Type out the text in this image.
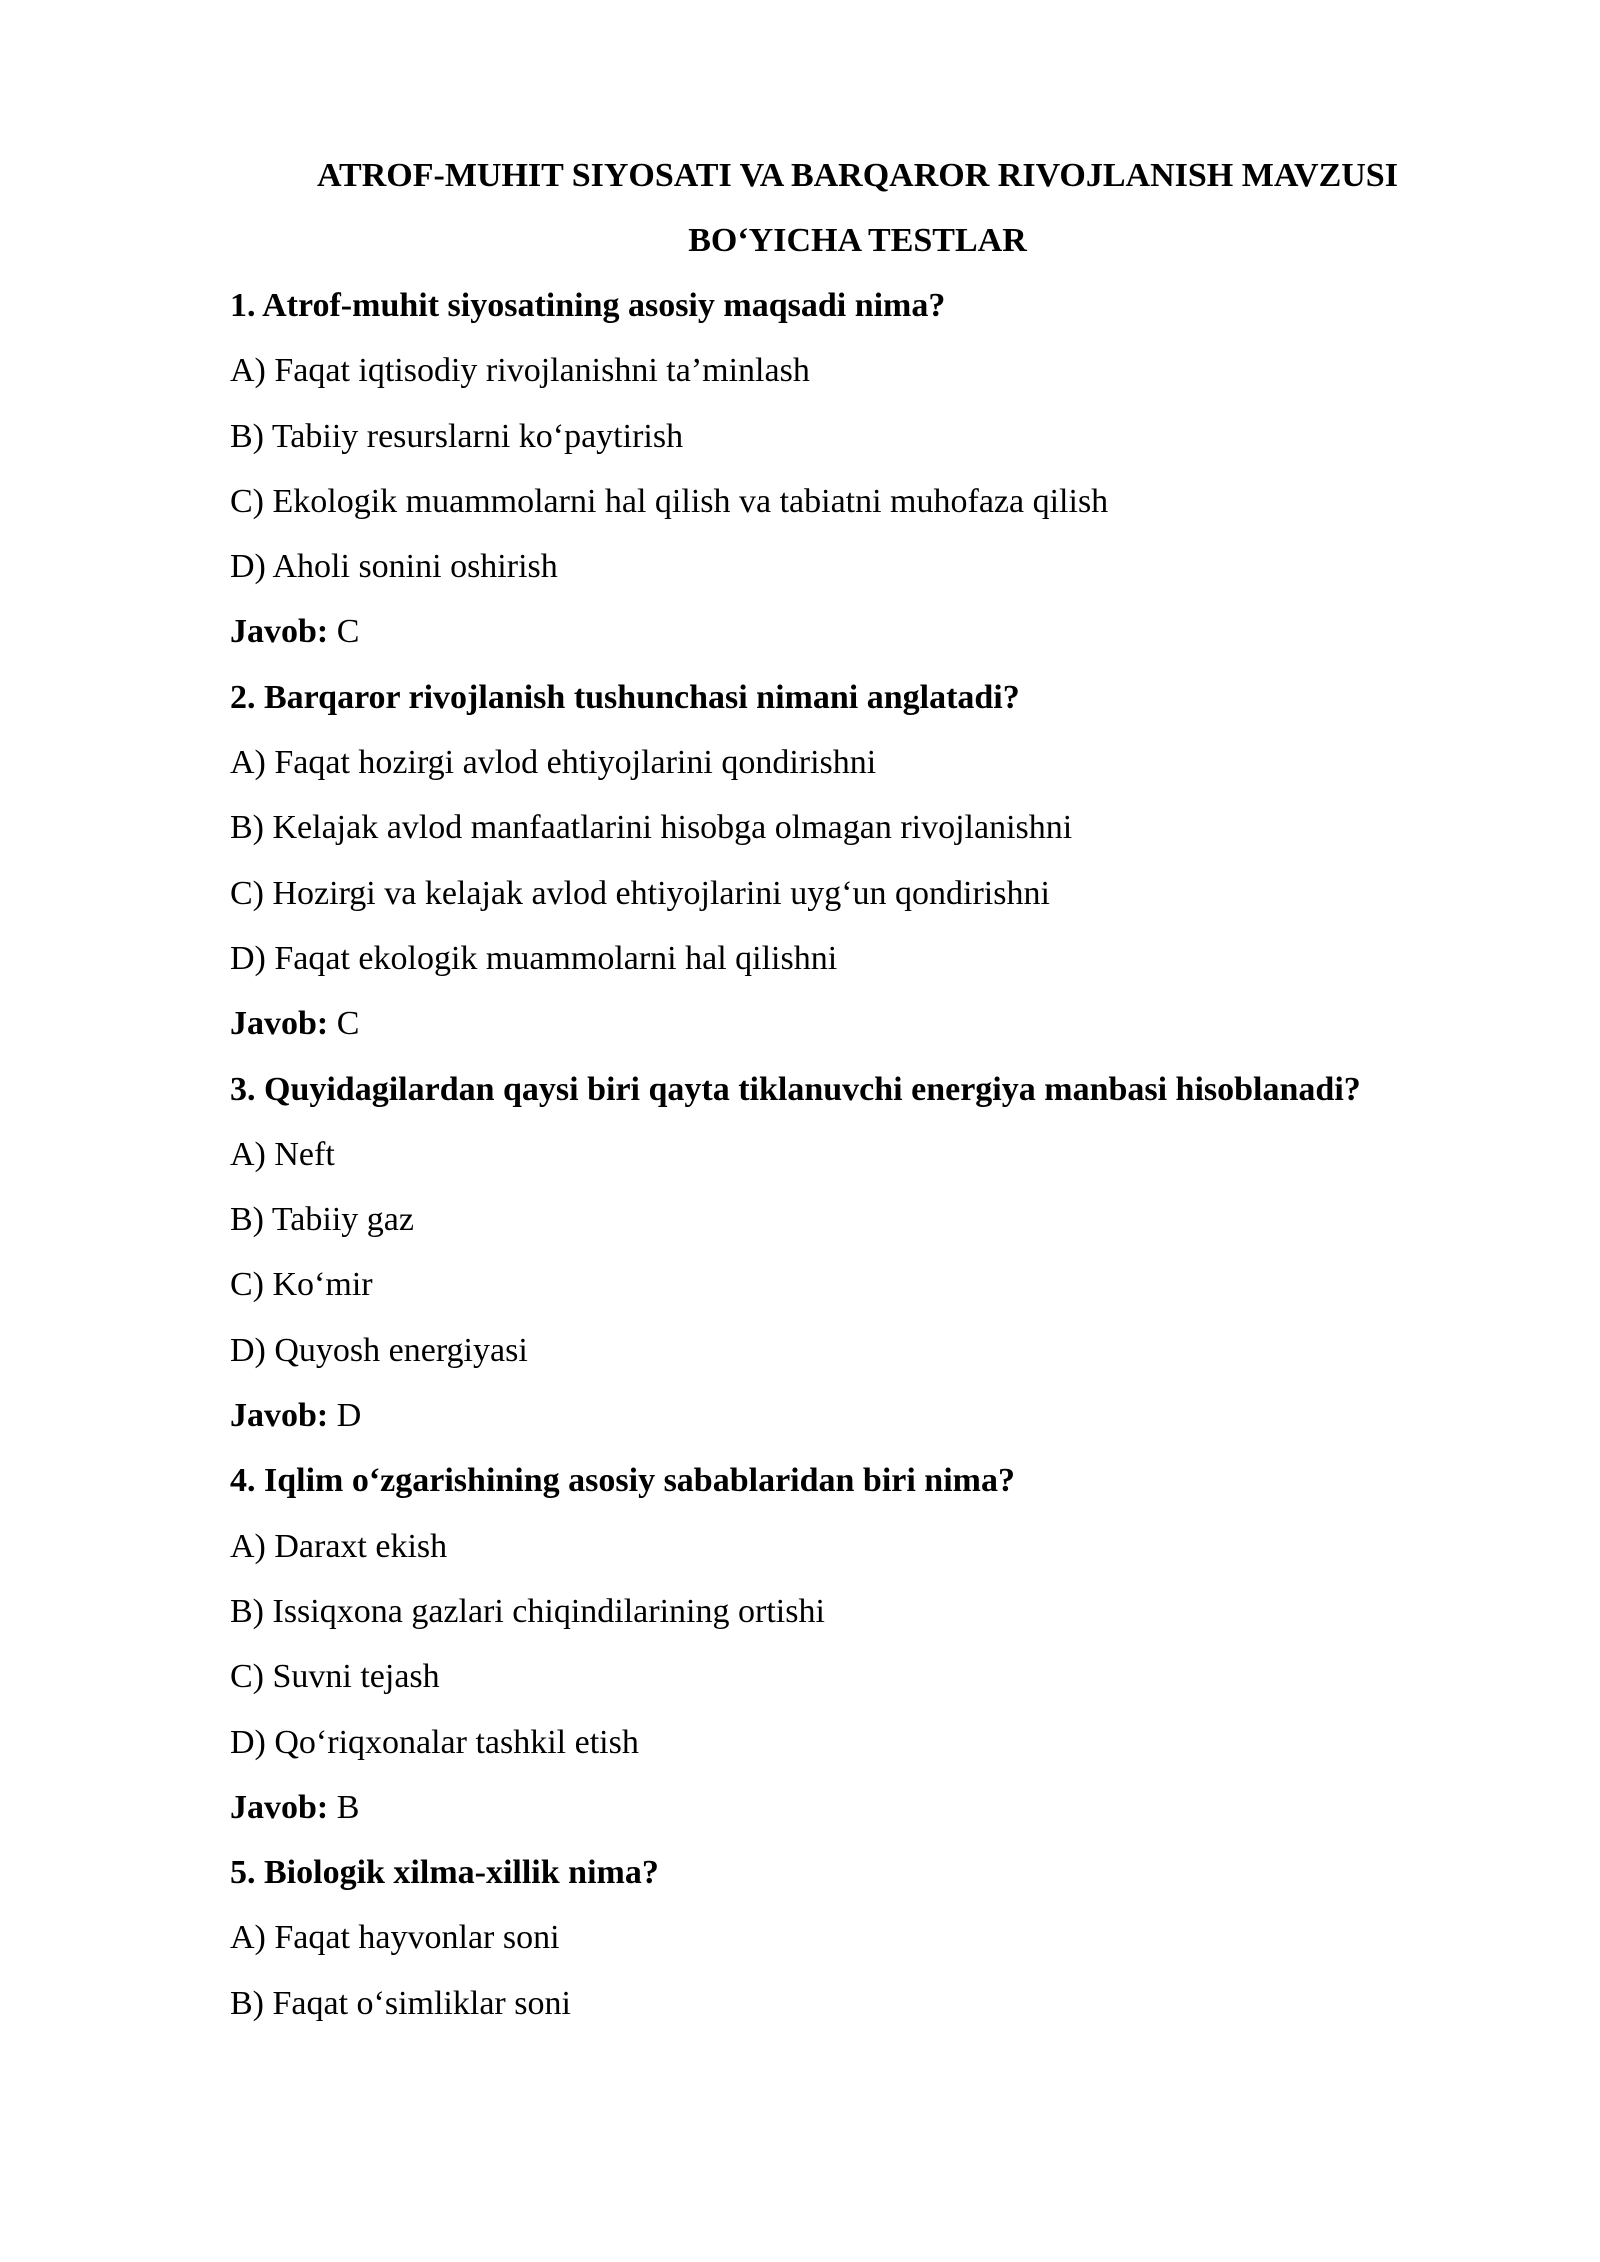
ATROF-MUHIT SIYOSATI VA BARQAROR RIVOJLANISH MAVZUSI
BO‘YICHA TESTLAR
1. Atrof-muhit siyosatining asosiy maqsadi nima?
A) Faqat iqtisodiy rivojlanishni ta’minlash
B) Tabiiy resurslarni ko‘paytirish
C) Ekologik muammolarni hal qilish va tabiatni muhofaza qilish
D) Aholi sonini oshirish
Javob: C
2. Barqaror rivojlanish tushunchasi nimani anglatadi?
A) Faqat hozirgi avlod ehtiyojlarini qondirishni
B) Kelajak avlod manfaatlarini hisobga olmagan rivojlanishni
C) Hozirgi va kelajak avlod ehtiyojlarini uyg‘un qondirishni
D) Faqat ekologik muammolarni hal qilishni
Javob: C
3. Quyidagilardan qaysi biri qayta tiklanuvchi energiya manbasi hisoblanadi?
A) Neft
B) Tabiiy gaz
C) Ko‘mir
D) Quyosh energiyasi
Javob: D
4. Iqlim o‘zgarishining asosiy sabablaridan biri nima?
A) Daraxt ekish
B) Issiqxona gazlari chiqindilarining ortishi
C) Suvni tejash
D) Qo‘riqxonalar tashkil etish
Javob: B
5. Biologik xilma-xillik nima?
A) Faqat hayvonlar soni
B) Faqat o‘simliklar soni
